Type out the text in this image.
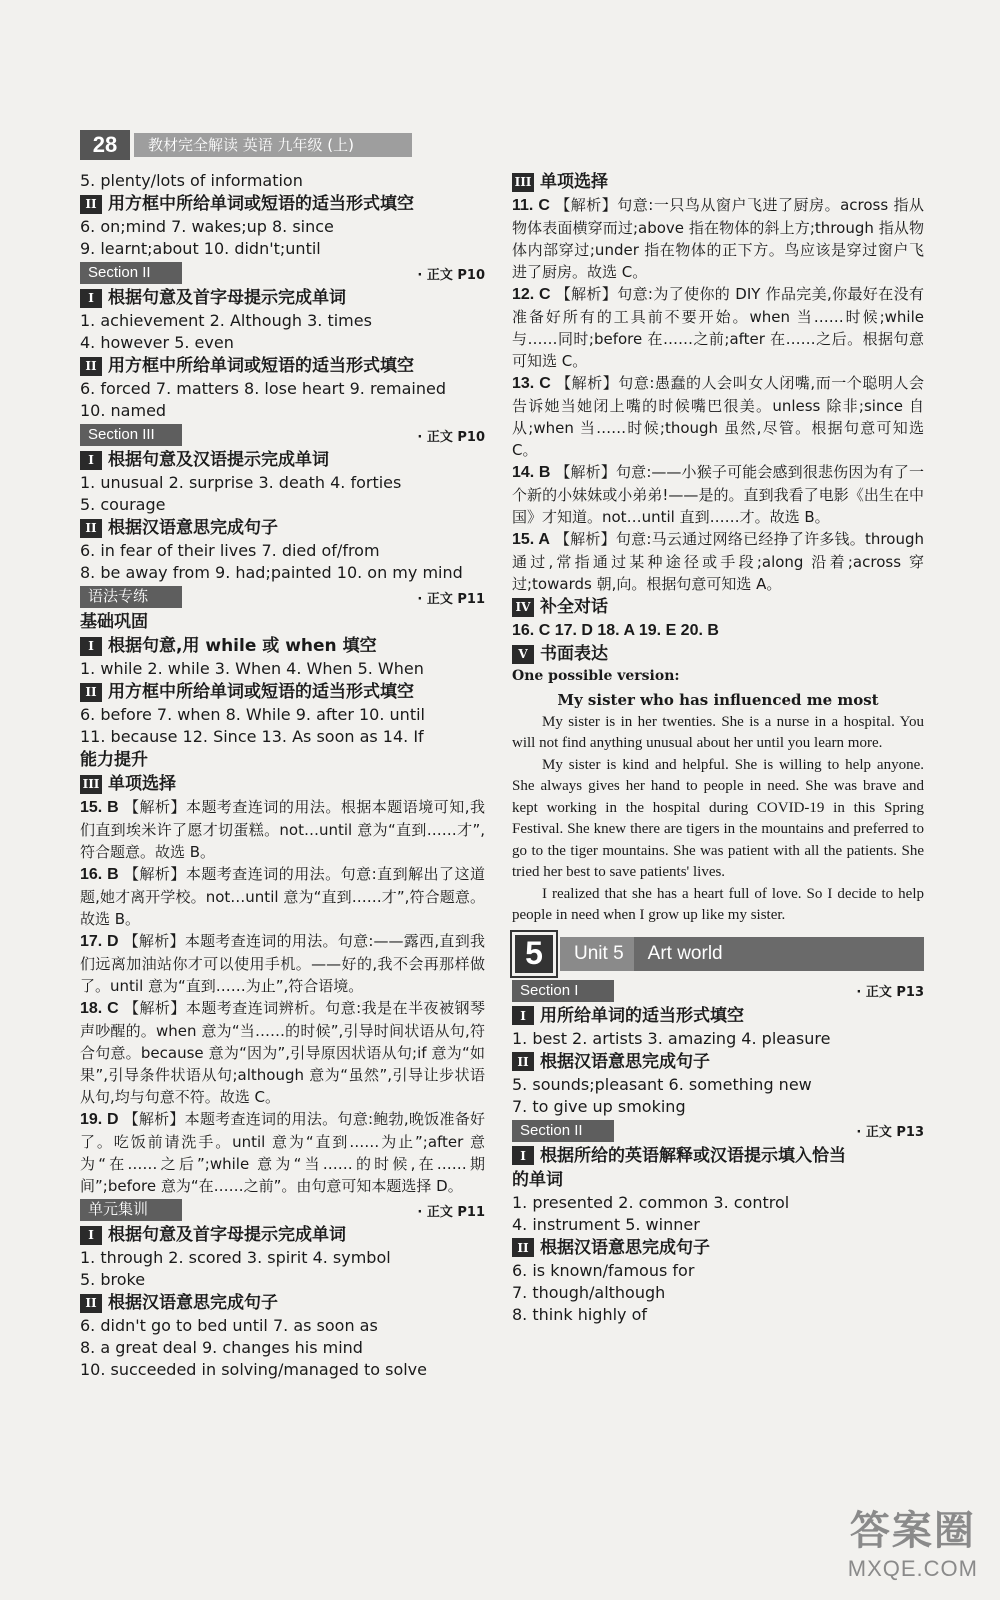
28	教材完全解读 英语 九年级 (上)
5. plenty/lots of information
II 用方框中所给单词或短语的适当形式填空
6. on;mind 7. wakes;up 8. since
9. learnt;about 10. didn't;until
Section II	· 正文 P10
I 根据句意及首字母提示完成单词
1. achievement 2. Although 3. times
4. however 5. even
II 用方框中所给单词或短语的适当形式填空
6. forced 7. matters 8. lose heart 9. remained
10. named
Section III	· 正文 P10
I 根据句意及汉语提示完成单词
1. unusual 2. surprise 3. death 4. forties
5. courage
II 根据汉语意思完成句子
6. in fear of their lives 7. died of/from
8. be away from 9. had;painted 10. on my mind
语法专练	· 正文 P11
基础巩固
I 根据句意,用 while 或 when 填空
1. while 2. while 3. When 4. When 5. When
II 用方框中所给单词或短语的适当形式填空
6. before 7. when 8. While 9. after 10. until
11. because 12. Since 13. As soon as 14. If
能力提升
III 单项选择
15. B 【解析】本题考查连词的用法。根据本题语境可知,我们直到埃米许了愿才切蛋糕。not…until 意为“直到……才”,符合题意。故选 B。
16. B 【解析】本题考查连词的用法。句意:直到解出了这道题,她才离开学校。not…until 意为“直到……才”,符合题意。故选 B。
17. D 【解析】本题考查连词的用法。句意:——露西,直到我们远离加油站你才可以使用手机。——好的,我不会再那样做了。until 意为“直到……为止”,符合语境。
18. C 【解析】本题考查连词辨析。句意:我是在半夜被钢琴声吵醒的。when 意为“当……的时候”,引导时间状语从句,符合句意。because 意为“因为”,引导原因状语从句;if 意为“如果”,引导条件状语从句;although 意为“虽然”,引导让步状语从句,均与句意不符。故选 C。
19. D 【解析】本题考查连词的用法。句意:鲍勃,晚饭准备好了。吃饭前请洗手。until 意为“直到……为止”;after 意为“在……之后”;while 意为“当……的时候,在……期间”;before 意为“在……之前”。由句意可知本题选择 D。
单元集训	· 正文 P11
I 根据句意及首字母提示完成单词
1. through 2. scored 3. spirit 4. symbol
5. broke
II 根据汉语意思完成句子
6. didn't go to bed until 7. as soon as
8. a great deal 9. changes his mind
10. succeeded in solving/managed to solve
III 单项选择
11. C 【解析】句意:一只鸟从窗户飞进了厨房。across 指从物体表面横穿而过;above 指在物体的斜上方;through 指从物体内部穿过;under 指在物体的正下方。鸟应该是穿过窗户飞进了厨房。故选 C。
12. C 【解析】句意:为了使你的 DIY 作品完美,你最好在没有准备好所有的工具前不要开始。when 当……时候;while 与……同时;before 在……之前;after 在……之后。根据句意可知选 C。
13. C 【解析】句意:愚蠢的人会叫女人闭嘴,而一个聪明人会告诉她当她闭上嘴的时候嘴巴很美。unless 除非;since 自从;when 当……时候;though 虽然,尽管。根据句意可知选 C。
14. B 【解析】句意:——小猴子可能会感到很悲伤因为有了一个新的小妹妹或小弟弟!——是的。直到我看了电影《出生在中国》才知道。not…until 直到……才。故选 B。
15. A 【解析】句意:马云通过网络已经挣了许多钱。through 通过,常指通过某种途径或手段;along 沿着;across 穿过;towards 朝,向。根据句意可知选 A。
IV 补全对话
16. C 17. D 18. A 19. E 20. B
V 书面表达
One possible version:
My sister who has influenced me most
My sister is in her twenties. She is a nurse in a hospital. You will not find anything unusual about her until you learn more.
My sister is kind and helpful. She is willing to help anyone. She always gives her hand to people in need. She was brave and kept working in the hospital during COVID-19 in this Spring Festival. She knew there are tigers in the mountains and preferred to go to the tiger mountains. She was patient with all the patients. She tried her best to save patients' lives.
I realized that she has a heart full of love. So I decide to help people in need when I grow up like my sister.
5	Unit 5	Art world
Section I	· 正文 P13
I 用所给单词的适当形式填空
1. best 2. artists 3. amazing 4. pleasure
II 根据汉语意思完成句子
5. sounds;pleasant 6. something new
7. to give up smoking
Section II	· 正文 P13
I 根据所给的英语解释或汉语提示填入恰当
的单词
1. presented 2. common 3. control
4. instrument 5. winner
II 根据汉语意思完成句子
6. is known/famous for
7. though/although
8. think highly of
答案圈
MXQE.COM
